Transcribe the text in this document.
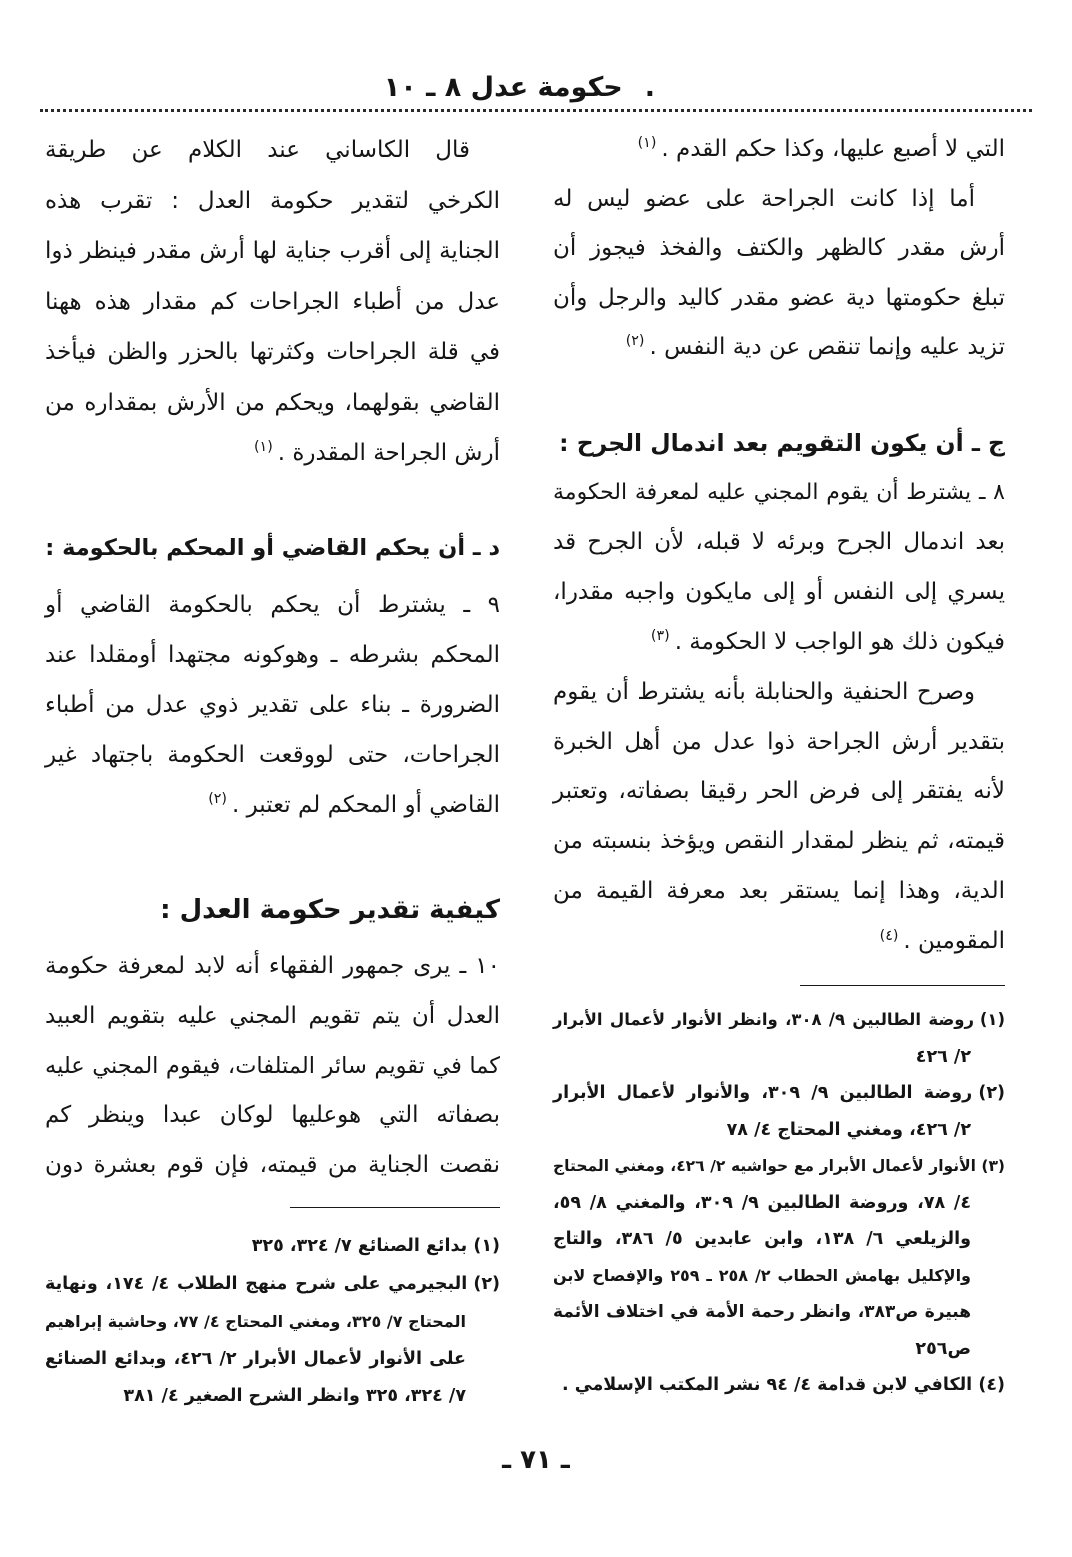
.حكومة عدل ٨ ـ ١٠
التي لا أصبع عليها، وكذا حكم القدم .$^{(١)}$
أما إذا كانت الجراحة على عضو ليس له
أرش مقدر كالظهر والكتف والفخذ فيجوز أن
تبلغ حكومتها دية عضو مقدر كاليد والرجل وأن
تزيد عليه وإنما تنقص عن دية النفس .$^{(٢)}$
ج ـ أن يكون التقويم بعد اندمال الجرح :
٨ ـ يشترط أن يقوم المجني عليه لمعرفة الحكومة
بعد اندمال الجرح وبرئه لا قبله، لأن الجرح قد
يسري إلى النفس أو إلى مايكون واجبه مقدرا،
فيكون ذلك هو الواجب لا الحكومة .$^{(٣)}$
وصرح الحنفية والحنابلة بأنه يشترط أن يقوم
بتقدير أرش الجراحة ذوا عدل من أهل الخبرة
لأنه يفتقر إلى فرض الحر رقيقا بصفاته، وتعتبر
قيمته، ثم ينظر لمقدار النقص ويؤخذ بنسبته من
الدية، وهذا إنما يستقر بعد معرفة القيمة من
المقومين .$^{(٤)}$
(١)روضة الطالبين ٩/ ٣٠٨، وانظر الأنوار لأعمال الأبرار
٢/ ٤٢٦
(٢)روضة الطالبين ٩/ ٣٠٩، والأنوار لأعمال الأبرار
٢/ ٤٢٦، ومغني المحتاج ٤/ ٧٨
(٣)الأنوار لأعمال الأبرار مع حواشيه ٢/ ٤٢٦، ومغني المحتاج
٤/ ٧٨، وروضة الطالبين ٩/ ٣٠٩، والمغني ٨/ ٥٩،
والزيلعي ٦/ ١٣٨، وابن عابدين ٥/ ٣٨٦، والتاج
والإكليل بهامش الحطاب ٢/ ٢٥٨ ـ ٢٥٩ والإفصاح لابن
هبيرة ص٣٨٣، وانظر رحمة الأمة في اختلاف الأئمة
ص٢٥٦
(٤)الكافي لابن قدامة ٤/ ٩٤ نشر المكتب الإسلامي .
قال الكاساني عند الكلام عن طريقة
الكرخي لتقدير حكومة العدل : تقرب هذه
الجناية إلى أقرب جناية لها أرش مقدر فينظر ذوا
عدل من أطباء الجراحات كم مقدار هذه ههنا
في قلة الجراحات وكثرتها بالحزر والظن فيأخذ
القاضي بقولهما، ويحكم من الأرش بمقداره من
أرش الجراحة المقدرة .$^{(١)}$
د ـ أن يحكم القاضي أو المحكم بالحكومة :
٩ ـ يشترط أن يحكم بالحكومة القاضي أو
المحكم بشرطه ـ وهوكونه مجتهدا أومقلدا عند
الضرورة ـ بناء على تقدير ذوي عدل من أطباء
الجراحات، حتى لووقعت الحكومة باجتهاد غير
القاضي أو المحكم لم تعتبر .$^{(٢)}$
كيفية تقدير حكومة العدل :
١٠ ـ يرى جمهور الفقهاء أنه لابد لمعرفة حكومة
العدل أن يتم تقويم المجني عليه بتقويم العبيد
كما في تقويم سائر المتلفات، فيقوم المجني عليه
بصفاته التي هوعليها لوكان عبدا وينظر كم
نقصت الجناية من قيمته، فإن قوم بعشرة دون
(١)بدائع الصنائع ٧/ ٣٢٤، ٣٢٥
(٢)البجيرمي على شرح منهج الطلاب ٤/ ١٧٤، ونهاية
المحتاج ٧/ ٣٢٥، ومغني المحتاج ٤/ ٧٧، وحاشية إبراهيم
على الأنوار لأعمال الأبرار ٢/ ٤٢٦، وبدائع الصنائع
٧/ ٣٢٤، ٣٢٥ وانظر الشرح الصغير ٤/ ٣٨١
ـ ٧١ ـ
